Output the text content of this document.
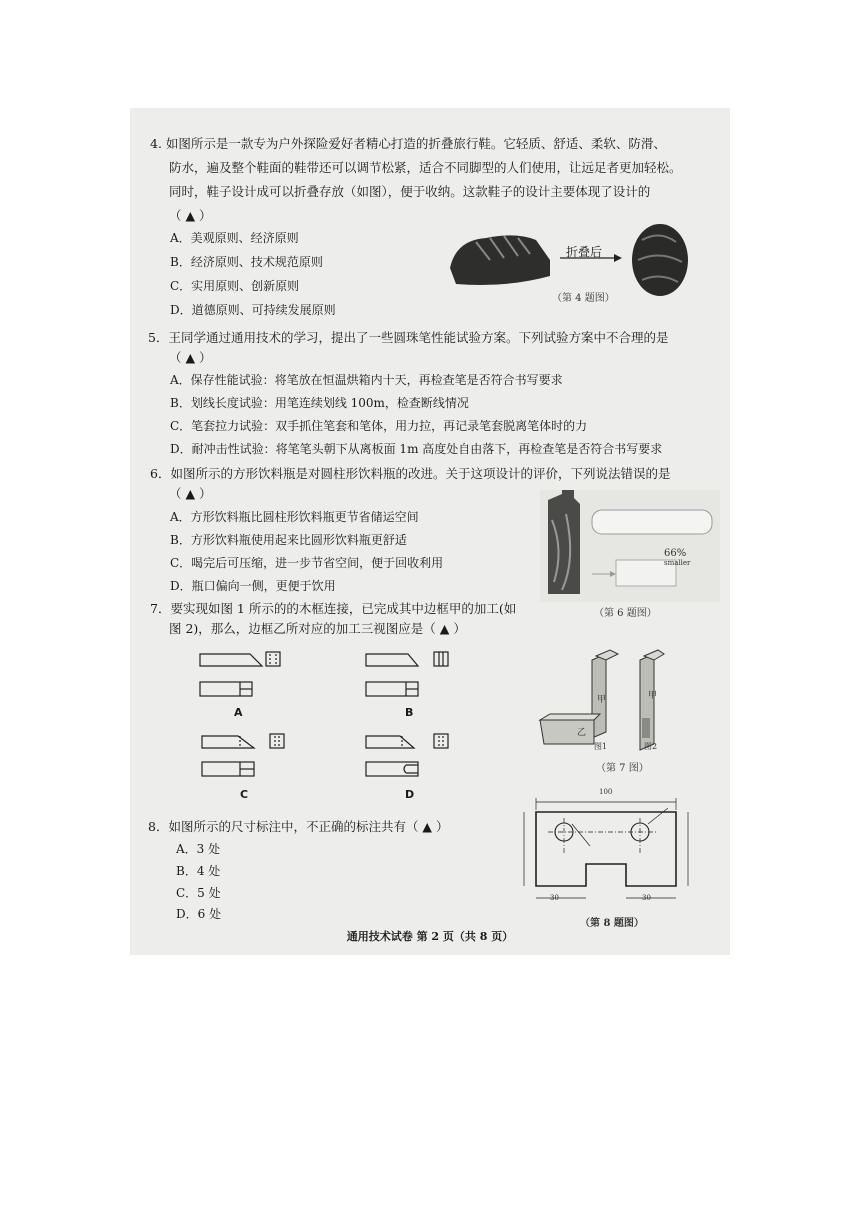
4. 如图所示是一款专为户外探险爱好者精心打造的折叠旅行鞋。它轻质、舒适、柔软、防滑、
防水，遍及整个鞋面的鞋带还可以调节松紧，适合不同脚型的人们使用，让远足者更加轻松。
同时，鞋子设计成可以折叠存放（如图），便于收纳。这款鞋子的设计主要体现了设计的
（ ▲ ）
A．美观原则、经济原则
B．经济原则、技术规范原则
C．实用原则、创新原则
D．道德原则、可持续发展原则
折叠后
（第 4 题图）
5．王同学通过通用技术的学习，提出了一些圆珠笔性能试验方案。下列试验方案中不合理的是
（ ▲ ）
A．保存性能试验：将笔放在恒温烘箱内十天，再检查笔是否符合书写要求
B．划线长度试验：用笔连续划线 100m，检查断线情况
C．笔套拉力试验：双手抓住笔套和笔体，用力拉，再记录笔套脱离笔体时的力
D．耐冲击性试验：将笔笔头朝下从离板面 1m 高度处自由落下，再检查笔是否符合书写要求
6．如图所示的方形饮料瓶是对圆柱形饮料瓶的改进。关于这项设计的评价，下列说法错误的是
（ ▲ ）
A．方形饮料瓶比圆柱形饮料瓶更节省储运空间
B．方形饮料瓶使用起来比圆形饮料瓶更舒适
C．喝完后可压缩，进一步节省空间，便于回收利用
D．瓶口偏向一侧，更便于饮用
66%
smaller
（第 6 题图）
7．要实现如图 1 所示的的木框连接，已完成其中边框甲的加工(如
图 2)，那么，边框乙所对应的加工三视图应是（ ▲ ）
A	B
C	D
甲	甲
乙
图1	图2
（第 7 图）
8．如图所示的尺寸标注中，不正确的标注共有（ ▲ ）
A．3 处
B．4 处
C．5 处
D．6 处
100
30	30
（第 8 题图）
通用技术试卷 第 2 页（共 8 页）
